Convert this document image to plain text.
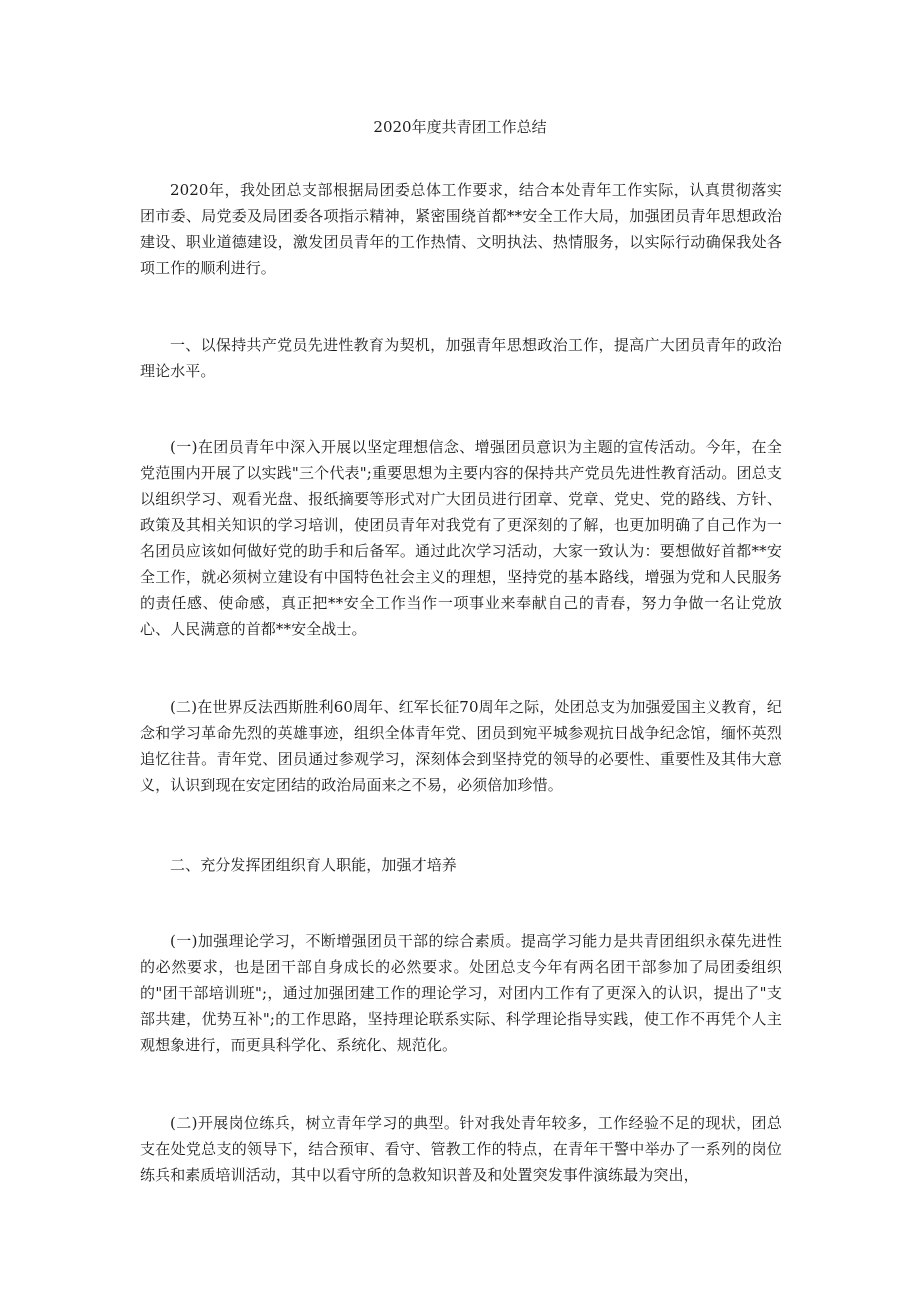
2020年度共青团工作总结

2020年，我处团总支部根据局团委总体工作要求，结合本处青年工作实际，认真贯彻落实团市委、局党委及局团委各项指示精神，紧密围绕首都**安全工作大局，加强团员青年思想政治建设、职业道德建设，激发团员青年的工作热情、文明执法、热情服务，以实际行动确保我处各项工作的顺利进行。

一、以保持共产党员先进性教育为契机，加强青年思想政治工作，提高广大团员青年的政治理论水平。

(一)在团员青年中深入开展以坚定理想信念、增强团员意识为主题的宣传活动。今年，在全党范围内开展了以实践"三个代表";重要思想为主要内容的保持共产党员先进性教育活动。团总支以组织学习、观看光盘、报纸摘要等形式对广大团员进行团章、党章、党史、党的路线、方针、政策及其相关知识的学习培训，使团员青年对我党有了更深刻的了解，也更加明确了自己作为一名团员应该如何做好党的助手和后备军。通过此次学习活动，大家一致认为：要想做好首都**安全工作，就必须树立建设有中国特色社会主义的理想，坚持党的基本路线，增强为党和人民服务的责任感、使命感，真正把**安全工作当作一项事业来奉献自己的青春，努力争做一名让党放心、人民满意的首都**安全战士。

(二)在世界反法西斯胜利60周年、红军长征70周年之际，处团总支为加强爱国主义教育，纪念和学习革命先烈的英雄事迹，组织全体青年党、团员到宛平城参观抗日战争纪念馆，缅怀英烈追忆往昔。青年党、团员通过参观学习，深刻体会到坚持党的领导的必要性、重要性及其伟大意义，认识到现在安定团结的政治局面来之不易，必须倍加珍惜。

二、充分发挥团组织育人职能，加强才培养

(一)加强理论学习，不断增强团员干部的综合素质。提高学习能力是共青团组织永葆先进性的必然要求，也是团干部自身成长的必然要求。处团总支今年有两名团干部参加了局团委组织的"团干部培训班";，通过加强团建工作的理论学习，对团内工作有了更深入的认识，提出了"支部共建，优势互补";的工作思路，坚持理论联系实际、科学理论指导实践，使工作不再凭个人主观想象进行，而更具科学化、系统化、规范化。

(二)开展岗位练兵，树立青年学习的典型。针对我处青年较多，工作经验不足的现状，团总支在处党总支的领导下，结合预审、看守、管教工作的特点，在青年干警中举办了一系列的岗位练兵和素质培训活动，其中以看守所的急救知识普及和处置突发事件演练最为突出，
